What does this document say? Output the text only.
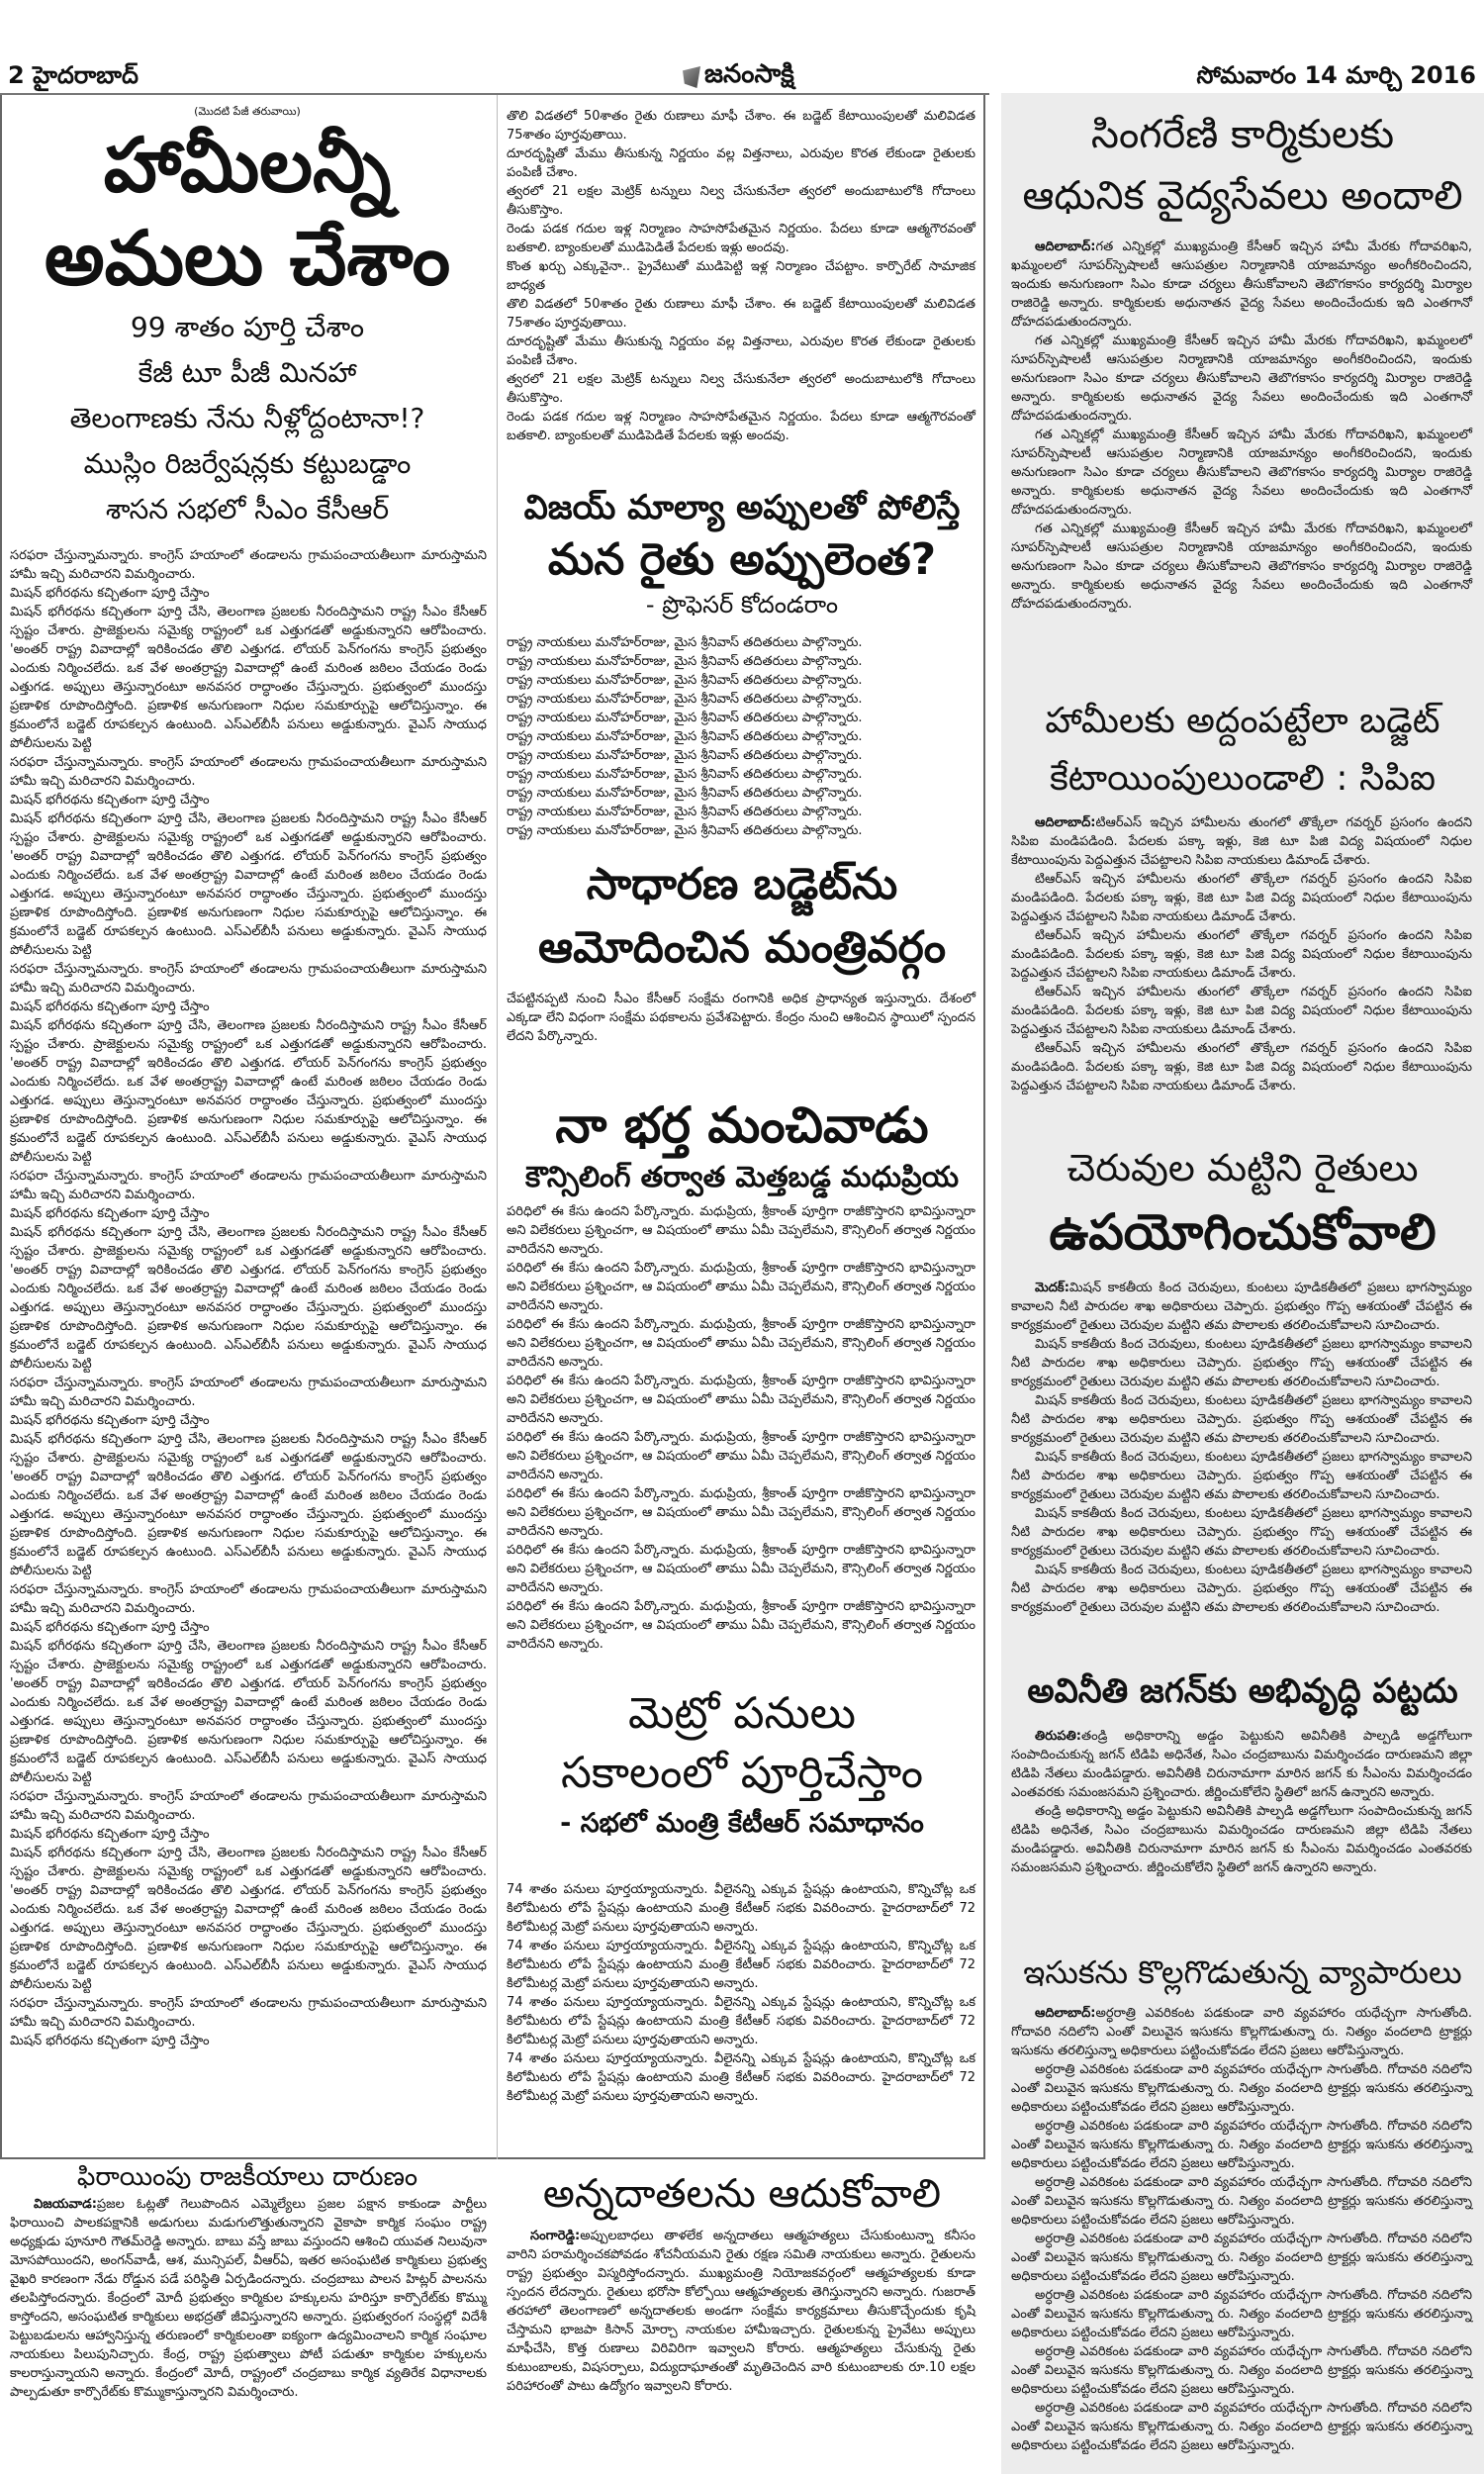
2 హైదరాబాద్	జనంసాక్షి	సోమవారం 14 మార్చి 2016
(మొదటి పేజీ తరువాయి)
హామీలన్నీ
అమలు చేశాం
99 శాతం పూర్తి చేశాం
కేజీ టూ పీజీ మినహా
తెలంగాణకు నేను నీళ్లోద్దంటానా!?
ముస్లిం రిజర్వేషన్లకు కట్టుబడ్డాం
శాసన సభలో సీఎం కేసీఆర్

సరఫరా చేస్తున్నామన్నారు. కాంగ్రెస్ హయాంలో తండాలను గ్రామపంచాయతీలుగా మారుస్తామని హామీ ఇచ్చి మరిచారని విమర్శించారు.

మిషన్ భగీరథను కచ్చితంగా పూర్తి చేస్తాం

మిషన్ భగీరథను కచ్చితంగా పూర్తి చేసి, తెలంగాణ ప్రజలకు నీరందిస్తామని రాష్ట్ర సీఎం కేసీఆర్ స్పష్టం చేశారు. ప్రాజెక్టులను సమైక్య రాష్ట్రంలో ఒక ఎత్తుగడతో అడ్డుకున్నారని ఆరోపించారు. 'అంతర్ రాష్ట్ర వివాదాల్లో ఇరికించడం తొలి ఎత్తుగడ. లోయర్ పెన్‌గంగను కాంగ్రెస్ ప్రభుత్వం ఎందుకు నిర్మించలేదు. ఒక వేళ అంతర్రాష్ట్ర వివాదాల్లో ఉంటే మరింత జఠిలం చేయడం రెండు ఎత్తుగడ. అప్పులు తెస్తున్నారంటూ అనవసర రాద్ధాంతం చేస్తున్నారు. ప్రభుత్వంలో ముందస్తు ప్రణాళిక రూపొందిస్తోంది. ప్రణాళిక అనుగుణంగా నిధుల సమకూర్పుపై ఆలోచిస్తున్నాం. ఈ క్రమంలోనే బడ్జెట్ రూపకల్పన ఉంటుంది. ఎస్ఎల్‌బీసీ పనులు అడ్డుకున్నారు. వైఎస్ సాయుధ పోలీసులను పెట్టి

సరఫరా చేస్తున్నామన్నారు. కాంగ్రెస్ హయాంలో తండాలను గ్రామపంచాయతీలుగా మారుస్తామని హామీ ఇచ్చి మరిచారని విమర్శించారు.

మిషన్ భగీరథను కచ్చితంగా పూర్తి చేస్తాం

మిషన్ భగీరథను కచ్చితంగా పూర్తి చేసి, తెలంగాణ ప్రజలకు నీరందిస్తామని రాష్ట్ర సీఎం కేసీఆర్ స్పష్టం చేశారు. ప్రాజెక్టులను సమైక్య రాష్ట్రంలో ఒక ఎత్తుగడతో అడ్డుకున్నారని ఆరోపించారు. 'అంతర్ రాష్ట్ర వివాదాల్లో ఇరికించడం తొలి ఎత్తుగడ. లోయర్ పెన్‌గంగను కాంగ్రెస్ ప్రభుత్వం ఎందుకు నిర్మించలేదు. ఒక వేళ అంతర్రాష్ట్ర వివాదాల్లో ఉంటే మరింత జఠిలం చేయడం రెండు ఎత్తుగడ. అప్పులు తెస్తున్నారంటూ అనవసర రాద్ధాంతం చేస్తున్నారు. ప్రభుత్వంలో ముందస్తు ప్రణాళిక రూపొందిస్తోంది. ప్రణాళిక అనుగుణంగా నిధుల సమకూర్పుపై ఆలోచిస్తున్నాం. ఈ క్రమంలోనే బడ్జెట్ రూపకల్పన ఉంటుంది. ఎస్ఎల్‌బీసీ పనులు అడ్డుకున్నారు. వైఎస్ సాయుధ పోలీసులను పెట్టి

సరఫరా చేస్తున్నామన్నారు. కాంగ్రెస్ హయాంలో తండాలను గ్రామపంచాయతీలుగా మారుస్తామని హామీ ఇచ్చి మరిచారని విమర్శించారు.

మిషన్ భగీరథను కచ్చితంగా పూర్తి చేస్తాం

మిషన్ భగీరథను కచ్చితంగా పూర్తి చేసి, తెలంగాణ ప్రజలకు నీరందిస్తామని రాష్ట్ర సీఎం కేసీఆర్ స్పష్టం చేశారు. ప్రాజెక్టులను సమైక్య రాష్ట్రంలో ఒక ఎత్తుగడతో అడ్డుకున్నారని ఆరోపించారు. 'అంతర్ రాష్ట్ర వివాదాల్లో ఇరికించడం తొలి ఎత్తుగడ. లోయర్ పెన్‌గంగను కాంగ్రెస్ ప్రభుత్వం ఎందుకు నిర్మించలేదు. ఒక వేళ అంతర్రాష్ట్ర వివాదాల్లో ఉంటే మరింత జఠిలం చేయడం రెండు ఎత్తుగడ. అప్పులు తెస్తున్నారంటూ అనవసర రాద్ధాంతం చేస్తున్నారు. ప్రభుత్వంలో ముందస్తు ప్రణాళిక రూపొందిస్తోంది. ప్రణాళిక అనుగుణంగా నిధుల సమకూర్పుపై ఆలోచిస్తున్నాం. ఈ క్రమంలోనే బడ్జెట్ రూపకల్పన ఉంటుంది. ఎస్ఎల్‌బీసీ పనులు అడ్డుకున్నారు. వైఎస్ సాయుధ పోలీసులను పెట్టి

సరఫరా చేస్తున్నామన్నారు. కాంగ్రెస్ హయాంలో తండాలను గ్రామపంచాయతీలుగా మారుస్తామని హామీ ఇచ్చి మరిచారని విమర్శించారు.

మిషన్ భగీరథను కచ్చితంగా పూర్తి చేస్తాం

మిషన్ భగీరథను కచ్చితంగా పూర్తి చేసి, తెలంగాణ ప్రజలకు నీరందిస్తామని రాష్ట్ర సీఎం కేసీఆర్ స్పష్టం చేశారు. ప్రాజెక్టులను సమైక్య రాష్ట్రంలో ఒక ఎత్తుగడతో అడ్డుకున్నారని ఆరోపించారు. 'అంతర్ రాష్ట్ర వివాదాల్లో ఇరికించడం తొలి ఎత్తుగడ. లోయర్ పెన్‌గంగను కాంగ్రెస్ ప్రభుత్వం ఎందుకు నిర్మించలేదు. ఒక వేళ అంతర్రాష్ట్ర వివాదాల్లో ఉంటే మరింత జఠిలం చేయడం రెండు ఎత్తుగడ. అప్పులు తెస్తున్నారంటూ అనవసర రాద్ధాంతం చేస్తున్నారు. ప్రభుత్వంలో ముందస్తు ప్రణాళిక రూపొందిస్తోంది. ప్రణాళిక అనుగుణంగా నిధుల సమకూర్పుపై ఆలోచిస్తున్నాం. ఈ క్రమంలోనే బడ్జెట్ రూపకల్పన ఉంటుంది. ఎస్ఎల్‌బీసీ పనులు అడ్డుకున్నారు. వైఎస్ సాయుధ పోలీసులను పెట్టి

సరఫరా చేస్తున్నామన్నారు. కాంగ్రెస్ హయాంలో తండాలను గ్రామపంచాయతీలుగా మారుస్తామని హామీ ఇచ్చి మరిచారని విమర్శించారు.

మిషన్ భగీరథను కచ్చితంగా పూర్తి చేస్తాం

మిషన్ భగీరథను కచ్చితంగా పూర్తి చేసి, తెలంగాణ ప్రజలకు నీరందిస్తామని రాష్ట్ర సీఎం కేసీఆర్ స్పష్టం చేశారు. ప్రాజెక్టులను సమైక్య రాష్ట్రంలో ఒక ఎత్తుగడతో అడ్డుకున్నారని ఆరోపించారు. 'అంతర్ రాష్ట్ర వివాదాల్లో ఇరికించడం తొలి ఎత్తుగడ. లోయర్ పెన్‌గంగను కాంగ్రెస్ ప్రభుత్వం ఎందుకు నిర్మించలేదు. ఒక వేళ అంతర్రాష్ట్ర వివాదాల్లో ఉంటే మరింత జఠిలం చేయడం రెండు ఎత్తుగడ. అప్పులు తెస్తున్నారంటూ అనవసర రాద్ధాంతం చేస్తున్నారు. ప్రభుత్వంలో ముందస్తు ప్రణాళిక రూపొందిస్తోంది. ప్రణాళిక అనుగుణంగా నిధుల సమకూర్పుపై ఆలోచిస్తున్నాం. ఈ క్రమంలోనే బడ్జెట్ రూపకల్పన ఉంటుంది. ఎస్ఎల్‌బీసీ పనులు అడ్డుకున్నారు. వైఎస్ సాయుధ పోలీసులను పెట్టి

సరఫరా చేస్తున్నామన్నారు. కాంగ్రెస్ హయాంలో తండాలను గ్రామపంచాయతీలుగా మారుస్తామని హామీ ఇచ్చి మరిచారని విమర్శించారు.

మిషన్ భగీరథను కచ్చితంగా పూర్తి చేస్తాం

మిషన్ భగీరథను కచ్చితంగా పూర్తి చేసి, తెలంగాణ ప్రజలకు నీరందిస్తామని రాష్ట్ర సీఎం కేసీఆర్ స్పష్టం చేశారు. ప్రాజెక్టులను సమైక్య రాష్ట్రంలో ఒక ఎత్తుగడతో అడ్డుకున్నారని ఆరోపించారు. 'అంతర్ రాష్ట్ర వివాదాల్లో ఇరికించడం తొలి ఎత్తుగడ. లోయర్ పెన్‌గంగను కాంగ్రెస్ ప్రభుత్వం ఎందుకు నిర్మించలేదు. ఒక వేళ అంతర్రాష్ట్ర వివాదాల్లో ఉంటే మరింత జఠిలం చేయడం రెండు ఎత్తుగడ. అప్పులు తెస్తున్నారంటూ అనవసర రాద్ధాంతం చేస్తున్నారు. ప్రభుత్వంలో ముందస్తు ప్రణాళిక రూపొందిస్తోంది. ప్రణాళిక అనుగుణంగా నిధుల సమకూర్పుపై ఆలోచిస్తున్నాం. ఈ క్రమంలోనే బడ్జెట్ రూపకల్పన ఉంటుంది. ఎస్ఎల్‌బీసీ పనులు అడ్డుకున్నారు. వైఎస్ సాయుధ పోలీసులను పెట్టి

సరఫరా చేస్తున్నామన్నారు. కాంగ్రెస్ హయాంలో తండాలను గ్రామపంచాయతీలుగా మారుస్తామని హామీ ఇచ్చి మరిచారని విమర్శించారు.

మిషన్ భగీరథను కచ్చితంగా పూర్తి చేస్తాం

మిషన్ భగీరథను కచ్చితంగా పూర్తి చేసి, తెలంగాణ ప్రజలకు నీరందిస్తామని రాష్ట్ర సీఎం కేసీఆర్ స్పష్టం చేశారు. ప్రాజెక్టులను సమైక్య రాష్ట్రంలో ఒక ఎత్తుగడతో అడ్డుకున్నారని ఆరోపించారు. 'అంతర్ రాష్ట్ర వివాదాల్లో ఇరికించడం తొలి ఎత్తుగడ. లోయర్ పెన్‌గంగను కాంగ్రెస్ ప్రభుత్వం ఎందుకు నిర్మించలేదు. ఒక వేళ అంతర్రాష్ట్ర వివాదాల్లో ఉంటే మరింత జఠిలం చేయడం రెండు ఎత్తుగడ. అప్పులు తెస్తున్నారంటూ అనవసర రాద్ధాంతం చేస్తున్నారు. ప్రభుత్వంలో ముందస్తు ప్రణాళిక రూపొందిస్తోంది. ప్రణాళిక అనుగుణంగా నిధుల సమకూర్పుపై ఆలోచిస్తున్నాం. ఈ క్రమంలోనే బడ్జెట్ రూపకల్పన ఉంటుంది. ఎస్ఎల్‌బీసీ పనులు అడ్డుకున్నారు. వైఎస్ సాయుధ పోలీసులను పెట్టి

సరఫరా చేస్తున్నామన్నారు. కాంగ్రెస్ హయాంలో తండాలను గ్రామపంచాయతీలుగా మారుస్తామని హామీ ఇచ్చి మరిచారని విమర్శించారు.

మిషన్ భగీరథను కచ్చితంగా పూర్తి చేస్తాం

తొలి విడతలో 50శాతం రైతు రుణాలు మాఫీ చేశాం. ఈ బడ్జెట్ కేటాయింపులతో మలివిడత 75శాతం పూర్తవుతాయి.

దూరదృష్టితో మేము తీసుకున్న నిర్ణయం వల్ల విత్తనాలు, ఎరువుల కొరత లేకుండా రైతులకు పంపిణీ చేశాం.

త్వరలో 21 లక్షల మెట్రిక్ టన్నులు నిల్వ చేసుకునేలా త్వరలో అందుబాటులోకి గోదాంలు తీసుకొస్తాం.

రెండు పడక గదుల ఇళ్ల నిర్మాణం సాహసోపేతమైన నిర్ణయం. పేదలు కూడా ఆత్మగౌరవంతో బతకాలి. బ్యాంకులతో ముడిపెడితే పేదలకు ఇళ్లు అందవు.

కొంత ఖర్చు ఎక్కువైనా.. ప్రైవేటుతో ముడిపెట్టి ఇళ్ల నిర్మాణం చేపట్టాం. కార్పొరేట్ సామాజిక బాధ్యత

తొలి విడతలో 50శాతం రైతు రుణాలు మాఫీ చేశాం. ఈ బడ్జెట్ కేటాయింపులతో మలివిడత 75శాతం పూర్తవుతాయి.

దూరదృష్టితో మేము తీసుకున్న నిర్ణయం వల్ల విత్తనాలు, ఎరువుల కొరత లేకుండా రైతులకు పంపిణీ చేశాం.

త్వరలో 21 లక్షల మెట్రిక్ టన్నులు నిల్వ చేసుకునేలా త్వరలో అందుబాటులోకి గోదాంలు తీసుకొస్తాం.

రెండు పడక గదుల ఇళ్ల నిర్మాణం సాహసోపేతమైన నిర్ణయం. పేదలు కూడా ఆత్మగౌరవంతో బతకాలి. బ్యాంకులతో ముడిపెడితే పేదలకు ఇళ్లు అందవు.

విజయ్ మాల్యా అప్పులతో పోలిస్తే
మన రైతు అప్పులెంత?
- ప్రొఫెసర్ కోదండరాం

రాష్ట్ర నాయకులు మనోహర్‌రాజు, మైస శ్రీనివాస్ తదితరులు పాల్గొన్నారు.

రాష్ట్ర నాయకులు మనోహర్‌రాజు, మైస శ్రీనివాస్ తదితరులు పాల్గొన్నారు.

రాష్ట్ర నాయకులు మనోహర్‌రాజు, మైస శ్రీనివాస్ తదితరులు పాల్గొన్నారు.

రాష్ట్ర నాయకులు మనోహర్‌రాజు, మైస శ్రీనివాస్ తదితరులు పాల్గొన్నారు.

రాష్ట్ర నాయకులు మనోహర్‌రాజు, మైస శ్రీనివాస్ తదితరులు పాల్గొన్నారు.

రాష్ట్ర నాయకులు మనోహర్‌రాజు, మైస శ్రీనివాస్ తదితరులు పాల్గొన్నారు.

రాష్ట్ర నాయకులు మనోహర్‌రాజు, మైస శ్రీనివాస్ తదితరులు పాల్గొన్నారు.

రాష్ట్ర నాయకులు మనోహర్‌రాజు, మైస శ్రీనివాస్ తదితరులు పాల్గొన్నారు.

రాష్ట్ర నాయకులు మనోహర్‌రాజు, మైస శ్రీనివాస్ తదితరులు పాల్గొన్నారు.

రాష్ట్ర నాయకులు మనోహర్‌రాజు, మైస శ్రీనివాస్ తదితరులు పాల్గొన్నారు.

రాష్ట్ర నాయకులు మనోహర్‌రాజు, మైస శ్రీనివాస్ తదితరులు పాల్గొన్నారు.

సాధారణ బడ్జెట్‌ను
ఆమోదించిన మంత్రివర్గం

చేపట్టినప్పటి నుంచి సీఎం కేసీఆర్ సంక్షేమ రంగానికి అధిక ప్రాధాన్యత ఇస్తున్నారు. దేశంలో ఎక్కడా లేని విధంగా సంక్షేమ పథకాలను ప్రవేశపెట్టారు. కేంద్రం నుంచి ఆశించిన స్థాయిలో స్పందన లేదని పేర్కొన్నారు.

నా భర్త మంచివాడు
కౌన్సిలింగ్ తర్వాత మెత్తబడ్డ మధుప్రియ

పరిధిలో ఈ కేసు ఉందని పేర్కొన్నారు. మధుప్రియ, శ్రీకాంత్ పూర్తిగా రాజీకొస్తారని భావిస్తున్నారా అని విలేకరులు ప్రశ్నించగా, ఆ విషయంలో తాము ఏమీ చెప్పలేమని, కౌన్సిలింగ్ తర్వాత నిర్ణయం వారిదేనని అన్నారు.

పరిధిలో ఈ కేసు ఉందని పేర్కొన్నారు. మధుప్రియ, శ్రీకాంత్ పూర్తిగా రాజీకొస్తారని భావిస్తున్నారా అని విలేకరులు ప్రశ్నించగా, ఆ విషయంలో తాము ఏమీ చెప్పలేమని, కౌన్సిలింగ్ తర్వాత నిర్ణయం వారిదేనని అన్నారు.

పరిధిలో ఈ కేసు ఉందని పేర్కొన్నారు. మధుప్రియ, శ్రీకాంత్ పూర్తిగా రాజీకొస్తారని భావిస్తున్నారా అని విలేకరులు ప్రశ్నించగా, ఆ విషయంలో తాము ఏమీ చెప్పలేమని, కౌన్సిలింగ్ తర్వాత నిర్ణయం వారిదేనని అన్నారు.

పరిధిలో ఈ కేసు ఉందని పేర్కొన్నారు. మధుప్రియ, శ్రీకాంత్ పూర్తిగా రాజీకొస్తారని భావిస్తున్నారా అని విలేకరులు ప్రశ్నించగా, ఆ విషయంలో తాము ఏమీ చెప్పలేమని, కౌన్సిలింగ్ తర్వాత నిర్ణయం వారిదేనని అన్నారు.

పరిధిలో ఈ కేసు ఉందని పేర్కొన్నారు. మధుప్రియ, శ్రీకాంత్ పూర్తిగా రాజీకొస్తారని భావిస్తున్నారా అని విలేకరులు ప్రశ్నించగా, ఆ విషయంలో తాము ఏమీ చెప్పలేమని, కౌన్సిలింగ్ తర్వాత నిర్ణయం వారిదేనని అన్నారు.

పరిధిలో ఈ కేసు ఉందని పేర్కొన్నారు. మధుప్రియ, శ్రీకాంత్ పూర్తిగా రాజీకొస్తారని భావిస్తున్నారా అని విలేకరులు ప్రశ్నించగా, ఆ విషయంలో తాము ఏమీ చెప్పలేమని, కౌన్సిలింగ్ తర్వాత నిర్ణయం వారిదేనని అన్నారు.

పరిధిలో ఈ కేసు ఉందని పేర్కొన్నారు. మధుప్రియ, శ్రీకాంత్ పూర్తిగా రాజీకొస్తారని భావిస్తున్నారా అని విలేకరులు ప్రశ్నించగా, ఆ విషయంలో తాము ఏమీ చెప్పలేమని, కౌన్సిలింగ్ తర్వాత నిర్ణయం వారిదేనని అన్నారు.

పరిధిలో ఈ కేసు ఉందని పేర్కొన్నారు. మధుప్రియ, శ్రీకాంత్ పూర్తిగా రాజీకొస్తారని భావిస్తున్నారా అని విలేకరులు ప్రశ్నించగా, ఆ విషయంలో తాము ఏమీ చెప్పలేమని, కౌన్సిలింగ్ తర్వాత నిర్ణయం వారిదేనని అన్నారు.

మెట్రో పనులు
సకాలంలో పూర్తిచేస్తాం
- సభలో మంత్రి కేటీఆర్ సమాధానం

74 శాతం పనులు పూర్తయ్యాయన్నారు. వీలైనన్ని ఎక్కువ స్టేషన్లు ఉంటాయని, కొన్నిచోట్ల ఒక కిలోమీటరు లోపే స్టేషన్లు ఉంటాయని మంత్రి కేటీఆర్ సభకు వివరించారు. హైదరాబాద్‌లో 72 కిలోమీటర్ల మెట్రో పనులు పూర్తవుతాయని అన్నారు.

74 శాతం పనులు పూర్తయ్యాయన్నారు. వీలైనన్ని ఎక్కువ స్టేషన్లు ఉంటాయని, కొన్నిచోట్ల ఒక కిలోమీటరు లోపే స్టేషన్లు ఉంటాయని మంత్రి కేటీఆర్ సభకు వివరించారు. హైదరాబాద్‌లో 72 కిలోమీటర్ల మెట్రో పనులు పూర్తవుతాయని అన్నారు.

74 శాతం పనులు పూర్తయ్యాయన్నారు. వీలైనన్ని ఎక్కువ స్టేషన్లు ఉంటాయని, కొన్నిచోట్ల ఒక కిలోమీటరు లోపే స్టేషన్లు ఉంటాయని మంత్రి కేటీఆర్ సభకు వివరించారు. హైదరాబాద్‌లో 72 కిలోమీటర్ల మెట్రో పనులు పూర్తవుతాయని అన్నారు.

74 శాతం పనులు పూర్తయ్యాయన్నారు. వీలైనన్ని ఎక్కువ స్టేషన్లు ఉంటాయని, కొన్నిచోట్ల ఒక కిలోమీటరు లోపే స్టేషన్లు ఉంటాయని మంత్రి కేటీఆర్ సభకు వివరించారు. హైదరాబాద్‌లో 72 కిలోమీటర్ల మెట్రో పనులు పూర్తవుతాయని అన్నారు.

ఫిరాయింపు రాజకీయాలు దారుణం

విజయవాడ:ప్రజల ఓట్లతో గెలుపొందిన ఎమ్మెల్యేలు ప్రజల పక్షాన కాకుండా పార్టీలు ఫిరాయించి పాలకపక్షానికి అడుగులు మడుగులొత్తుతున్నారని వైకాపా కార్మిక సంఘం రాష్ట్ర అధ్యక్షుడు పూనూరి గౌతమ్‌రెడ్డి అన్నారు. బాబు వస్తే జాబు వస్తుందని ఆశించి యువత నిలువునా మోసపోయిందని, అంగన్‌వాడీ, ఆశ, మున్సిపల్, వీఆర్ఏ, ఇతర అసంఘటిత కార్మికులు ప్రభుత్వ వైఖరి కారణంగా నేడు రోడ్డున పడే పరిస్థితి ఏర్పడిందన్నారు. చంద్రబాబు పాలన హిట్లర్ పాలనను తలపిస్తోందన్నారు. కేంద్రంలో మోదీ ప్రభుత్వం కార్మికుల హక్కులను హరిస్తూ కార్పొరేట్‌కు కొమ్ము కాస్తోందని, అసంఘటిత కార్మికులు అభద్రతో జీవిస్తున్నారని అన్నారు. ప్రభుత్వరంగ సంస్థల్లో విదేశీ పెట్టుబడులను ఆహ్వానిస్తున్న తరుణంలో కార్మికులంతా ఐక్యంగా ఉద్యమించాలని కార్మిక సంఘాల నాయకులు పిలుపునిచ్చారు. కేంద్ర, రాష్ట్ర ప్రభుత్వాలు పోటీ పడుతూ కార్మికుల హక్కులను కాలరాస్తున్నాయని అన్నారు. కేంద్రంలో మోదీ, రాష్ట్రంలో చంద్రబాబు కార్మిక వ్యతిరేక విధానాలకు పాల్పడుతూ కార్పొరేట్‌కు కొమ్ముకాస్తున్నారని విమర్శించారు.

అన్నదాతలను ఆదుకోవాలి

సంగారెడ్డి:అప్పులబాధలు తాళలేక అన్నదాతలు ఆత్మహత్యలు చేసుకుంటున్నా కనీసం వారిని పరామర్శించకపోవడం శోచనీయమని రైతు రక్షణ సమితి నాయకులు అన్నారు. రైతులను రాష్ట్ర ప్రభుత్వం విస్మరిస్తోందన్నారు. ముఖ్యమంత్రి నియోజకవర్గంలో ఆత్మహత్యలకు కూడా స్పందన లేదన్నారు. రైతులు భరోసా కోల్పోయి ఆత్మహత్యలకు తెగిస్తున్నారని అన్నారు. గుజరాత్ తరహాలో తెలంగాణలో అన్నదాతలకు అండగా సంక్షేమ కార్యక్రమాలు తీసుకొచ్చేందుకు కృషి చేస్తామని భాజపా కిసాన్ మోర్చా నాయకుల హామీఇచ్చారు. రైతులకున్న ప్రైవేటు అప్పులు మాఫీచేసి, కొత్త రుణాలు విరివిరిగా ఇవ్వాలని కోరారు. ఆత్మహత్యలు చేసుకున్న రైతు కుటుంబాలకు, విషసర్పాలు, విద్యుదాఘాతంతో మృతిచెందిన వారి కుటుంబాలకు రూ.10 లక్షల పరిహారంతో పాటు ఉద్యోగం ఇవ్వాలని కోరారు.

సింగరేణి కార్మికులకు
ఆధునిక వైద్యసేవలు అందాలి

ఆదిలాబాద్:గత ఎన్నికల్లో ముఖ్యమంత్రి కేసీఆర్ ఇచ్చిన హామీ మేరకు గోదావరిఖని, ఖమ్మంలలో సూపర్‌స్పెషాలటీ ఆసుపత్రుల నిర్మాణానికి యాజమాన్యం అంగీకరించిందని, ఇందుకు అనుగుణంగా సిఎం కూడా చర్యలు తీసుకోవాలని తెబొగకాసం కార్యదర్శి మిర్యాల రాజిరెడ్డి అన్నారు. కార్మికులకు అధునాతన వైద్య సేవలు అందించేందుకు ఇది ఎంతగానో దోహదపడుతుందన్నారు.

గత ఎన్నికల్లో ముఖ్యమంత్రి కేసీఆర్ ఇచ్చిన హామీ మేరకు గోదావరిఖని, ఖమ్మంలలో సూపర్‌స్పెషాలటీ ఆసుపత్రుల నిర్మాణానికి యాజమాన్యం అంగీకరించిందని, ఇందుకు అనుగుణంగా సిఎం కూడా చర్యలు తీసుకోవాలని తెబొగకాసం కార్యదర్శి మిర్యాల రాజిరెడ్డి అన్నారు. కార్మికులకు అధునాతన వైద్య సేవలు అందించేందుకు ఇది ఎంతగానో దోహదపడుతుందన్నారు.

గత ఎన్నికల్లో ముఖ్యమంత్రి కేసీఆర్ ఇచ్చిన హామీ మేరకు గోదావరిఖని, ఖమ్మంలలో సూపర్‌స్పెషాలటీ ఆసుపత్రుల నిర్మాణానికి యాజమాన్యం అంగీకరించిందని, ఇందుకు అనుగుణంగా సిఎం కూడా చర్యలు తీసుకోవాలని తెబొగకాసం కార్యదర్శి మిర్యాల రాజిరెడ్డి అన్నారు. కార్మికులకు అధునాతన వైద్య సేవలు అందించేందుకు ఇది ఎంతగానో దోహదపడుతుందన్నారు.

గత ఎన్నికల్లో ముఖ్యమంత్రి కేసీఆర్ ఇచ్చిన హామీ మేరకు గోదావరిఖని, ఖమ్మంలలో సూపర్‌స్పెషాలటీ ఆసుపత్రుల నిర్మాణానికి యాజమాన్యం అంగీకరించిందని, ఇందుకు అనుగుణంగా సిఎం కూడా చర్యలు తీసుకోవాలని తెబొగకాసం కార్యదర్శి మిర్యాల రాజిరెడ్డి అన్నారు. కార్మికులకు అధునాతన వైద్య సేవలు అందించేందుకు ఇది ఎంతగానో దోహదపడుతుందన్నారు.

హామీలకు అద్దంపట్టేలా బడ్జెట్
కేటాయింపులుండాలి : సిపిఐ

ఆదిలాబాద్:టిఆర్ఎస్ ఇచ్చిన హామీలను తుంగలో తొక్కేలా గవర్నర్ ప్రసంగం ఉందని సిపిఐ మండిపడింది. పేదలకు పక్కా ఇళ్లు, కెజి టూ పిజి విద్య విషయంలో నిధుల కేటాయింపును పెద్దఎత్తున చేపట్టాలని సిపిఐ నాయకులు డిమాండ్ చేశారు.

టిఆర్ఎస్ ఇచ్చిన హామీలను తుంగలో తొక్కేలా గవర్నర్ ప్రసంగం ఉందని సిపిఐ మండిపడింది. పేదలకు పక్కా ఇళ్లు, కెజి టూ పిజి విద్య విషయంలో నిధుల కేటాయింపును పెద్దఎత్తున చేపట్టాలని సిపిఐ నాయకులు డిమాండ్ చేశారు.

టిఆర్ఎస్ ఇచ్చిన హామీలను తుంగలో తొక్కేలా గవర్నర్ ప్రసంగం ఉందని సిపిఐ మండిపడింది. పేదలకు పక్కా ఇళ్లు, కెజి టూ పిజి విద్య విషయంలో నిధుల కేటాయింపును పెద్దఎత్తున చేపట్టాలని సిపిఐ నాయకులు డిమాండ్ చేశారు.

టిఆర్ఎస్ ఇచ్చిన హామీలను తుంగలో తొక్కేలా గవర్నర్ ప్రసంగం ఉందని సిపిఐ మండిపడింది. పేదలకు పక్కా ఇళ్లు, కెజి టూ పిజి విద్య విషయంలో నిధుల కేటాయింపును పెద్దఎత్తున చేపట్టాలని సిపిఐ నాయకులు డిమాండ్ చేశారు.

టిఆర్ఎస్ ఇచ్చిన హామీలను తుంగలో తొక్కేలా గవర్నర్ ప్రసంగం ఉందని సిపిఐ మండిపడింది. పేదలకు పక్కా ఇళ్లు, కెజి టూ పిజి విద్య విషయంలో నిధుల కేటాయింపును పెద్దఎత్తున చేపట్టాలని సిపిఐ నాయకులు డిమాండ్ చేశారు.

చెరువుల మట్టిని రైతులు
ఉపయోగించుకోవాలి

మెదక్:మిషన్ కాకతీయ కింద చెరువులు, కుంటలు పూడికతీతలో ప్రజలు భాగస్వామ్యం కావాలని నీటి పారుదల శాఖ అధికారులు చెప్పారు. ప్రభుత్వం గొప్ప ఆశయంతో చేపట్టిన ఈ కార్యక్రమంలో రైతులు చెరువుల మట్టిని తమ పొలాలకు తరలించుకోవాలని సూచించారు.

మిషన్ కాకతీయ కింద చెరువులు, కుంటలు పూడికతీతలో ప్రజలు భాగస్వామ్యం కావాలని నీటి పారుదల శాఖ అధికారులు చెప్పారు. ప్రభుత్వం గొప్ప ఆశయంతో చేపట్టిన ఈ కార్యక్రమంలో రైతులు చెరువుల మట్టిని తమ పొలాలకు తరలించుకోవాలని సూచించారు.

మిషన్ కాకతీయ కింద చెరువులు, కుంటలు పూడికతీతలో ప్రజలు భాగస్వామ్యం కావాలని నీటి పారుదల శాఖ అధికారులు చెప్పారు. ప్రభుత్వం గొప్ప ఆశయంతో చేపట్టిన ఈ కార్యక్రమంలో రైతులు చెరువుల మట్టిని తమ పొలాలకు తరలించుకోవాలని సూచించారు.

మిషన్ కాకతీయ కింద చెరువులు, కుంటలు పూడికతీతలో ప్రజలు భాగస్వామ్యం కావాలని నీటి పారుదల శాఖ అధికారులు చెప్పారు. ప్రభుత్వం గొప్ప ఆశయంతో చేపట్టిన ఈ కార్యక్రమంలో రైతులు చెరువుల మట్టిని తమ పొలాలకు తరలించుకోవాలని సూచించారు.

మిషన్ కాకతీయ కింద చెరువులు, కుంటలు పూడికతీతలో ప్రజలు భాగస్వామ్యం కావాలని నీటి పారుదల శాఖ అధికారులు చెప్పారు. ప్రభుత్వం గొప్ప ఆశయంతో చేపట్టిన ఈ కార్యక్రమంలో రైతులు చెరువుల మట్టిని తమ పొలాలకు తరలించుకోవాలని సూచించారు.

మిషన్ కాకతీయ కింద చెరువులు, కుంటలు పూడికతీతలో ప్రజలు భాగస్వామ్యం కావాలని నీటి పారుదల శాఖ అధికారులు చెప్పారు. ప్రభుత్వం గొప్ప ఆశయంతో చేపట్టిన ఈ కార్యక్రమంలో రైతులు చెరువుల మట్టిని తమ పొలాలకు తరలించుకోవాలని సూచించారు.

అవినీతి జగన్‌కు అభివృద్ధి పట్టదు

తిరుపతి:తండ్రి అధికారాన్ని అడ్డం పెట్టుకుని అవినీతికి పాల్పడి అడ్డగోలుగా సంపాదించుకున్న జగన్ టిడిపి అధినేత, సిఎం చంద్రబాబును విమర్శించడం దారుణమని జిల్లా టిడిపి నేతలు మండిపడ్డారు. అవినీతికి చిరునామాగా మారిన జగన్ కు సీఎంను విమర్శించడం ఎంతవరకు సమంజసమని ప్రశ్నించారు. జీర్ణించుకోలేని స్థితిలో జగన్ ఉన్నారని అన్నారు.

తండ్రి అధికారాన్ని అడ్డం పెట్టుకుని అవినీతికి పాల్పడి అడ్డగోలుగా సంపాదించుకున్న జగన్ టిడిపి అధినేత, సిఎం చంద్రబాబును విమర్శించడం దారుణమని జిల్లా టిడిపి నేతలు మండిపడ్డారు. అవినీతికి చిరునామాగా మారిన జగన్ కు సీఎంను విమర్శించడం ఎంతవరకు సమంజసమని ప్రశ్నించారు. జీర్ణించుకోలేని స్థితిలో జగన్ ఉన్నారని అన్నారు.

ఇసుకను కొల్లగొడుతున్న వ్యాపారులు

ఆదిలాబాద్:అర్ధరాత్రి ఎవరికంట పడకుండా వారి వ్యవహారం యధేచ్ఛగా సాగుతోంది. గోదావరి నదిలోని ఎంతో విలువైన ఇసుకను కొల్లగొడుతున్నా రు. నిత్యం వందలాది ట్రాక్టర్లు ఇసుకను తరలిస్తున్నా అధికారులు పట్టించుకోవడం లేదని ప్రజలు ఆరోపిస్తున్నారు.

అర్ధరాత్రి ఎవరికంట పడకుండా వారి వ్యవహారం యధేచ్ఛగా సాగుతోంది. గోదావరి నదిలోని ఎంతో విలువైన ఇసుకను కొల్లగొడుతున్నా రు. నిత్యం వందలాది ట్రాక్టర్లు ఇసుకను తరలిస్తున్నా అధికారులు పట్టించుకోవడం లేదని ప్రజలు ఆరోపిస్తున్నారు.

అర్ధరాత్రి ఎవరికంట పడకుండా వారి వ్యవహారం యధేచ్ఛగా సాగుతోంది. గోదావరి నదిలోని ఎంతో విలువైన ఇసుకను కొల్లగొడుతున్నా రు. నిత్యం వందలాది ట్రాక్టర్లు ఇసుకను తరలిస్తున్నా అధికారులు పట్టించుకోవడం లేదని ప్రజలు ఆరోపిస్తున్నారు.

అర్ధరాత్రి ఎవరికంట పడకుండా వారి వ్యవహారం యధేచ్ఛగా సాగుతోంది. గోదావరి నదిలోని ఎంతో విలువైన ఇసుకను కొల్లగొడుతున్నా రు. నిత్యం వందలాది ట్రాక్టర్లు ఇసుకను తరలిస్తున్నా అధికారులు పట్టించుకోవడం లేదని ప్రజలు ఆరోపిస్తున్నారు.

అర్ధరాత్రి ఎవరికంట పడకుండా వారి వ్యవహారం యధేచ్ఛగా సాగుతోంది. గోదావరి నదిలోని ఎంతో విలువైన ఇసుకను కొల్లగొడుతున్నా రు. నిత్యం వందలాది ట్రాక్టర్లు ఇసుకను తరలిస్తున్నా అధికారులు పట్టించుకోవడం లేదని ప్రజలు ఆరోపిస్తున్నారు.

అర్ధరాత్రి ఎవరికంట పడకుండా వారి వ్యవహారం యధేచ్ఛగా సాగుతోంది. గోదావరి నదిలోని ఎంతో విలువైన ఇసుకను కొల్లగొడుతున్నా రు. నిత్యం వందలాది ట్రాక్టర్లు ఇసుకను తరలిస్తున్నా అధికారులు పట్టించుకోవడం లేదని ప్రజలు ఆరోపిస్తున్నారు.

అర్ధరాత్రి ఎవరికంట పడకుండా వారి వ్యవహారం యధేచ్ఛగా సాగుతోంది. గోదావరి నదిలోని ఎంతో విలువైన ఇసుకను కొల్లగొడుతున్నా రు. నిత్యం వందలాది ట్రాక్టర్లు ఇసుకను తరలిస్తున్నా అధికారులు పట్టించుకోవడం లేదని ప్రజలు ఆరోపిస్తున్నారు.

అర్ధరాత్రి ఎవరికంట పడకుండా వారి వ్యవహారం యధేచ్ఛగా సాగుతోంది. గోదావరి నదిలోని ఎంతో విలువైన ఇసుకను కొల్లగొడుతున్నా రు. నిత్యం వందలాది ట్రాక్టర్లు ఇసుకను తరలిస్తున్నా అధికారులు పట్టించుకోవడం లేదని ప్రజలు ఆరోపిస్తున్నారు.
